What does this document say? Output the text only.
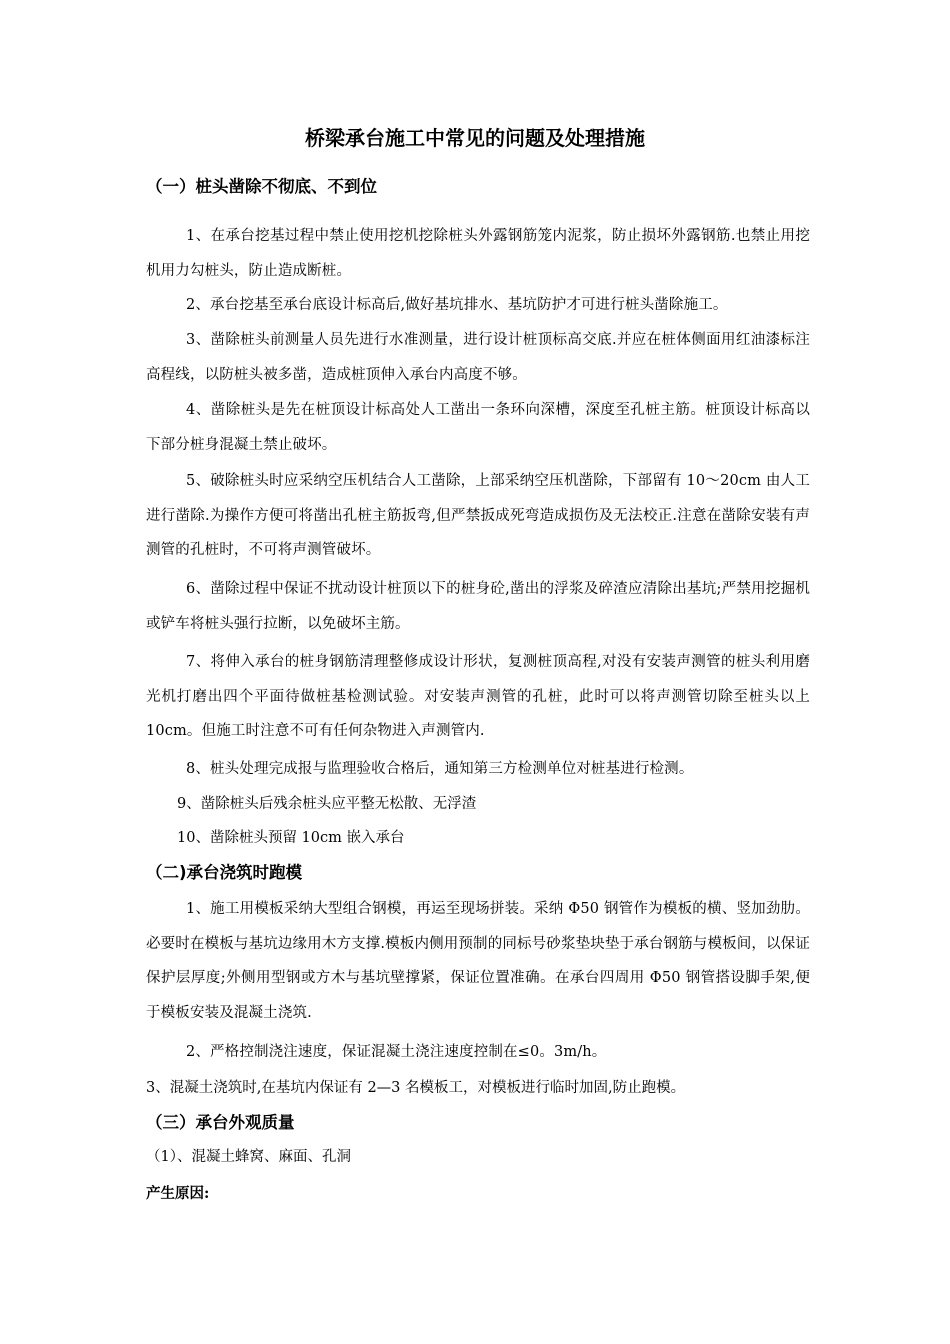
桥梁承台施工中常见的问题及处理措施
（一）桩头凿除不彻底、不到位

1、在承台挖基过程中禁止使用挖机挖除桩头外露钢筋笼内泥浆，防止损坏外露钢筋.也禁止用挖机用力勾桩头，防止造成断桩。

2、承台挖基至承台底设计标高后,做好基坑排水、基坑防护才可进行桩头凿除施工。

3、凿除桩头前测量人员先进行水准测量，进行设计桩顶标高交底.并应在桩体侧面用红油漆标注高程线，以防桩头被多凿，造成桩顶伸入承台内高度不够。

4、凿除桩头是先在桩顶设计标高处人工凿出一条环向深槽，深度至孔桩主筋。桩顶设计标高以下部分桩身混凝土禁止破坏。

5、破除桩头时应采纳空压机结合人工凿除，上部采纳空压机凿除，下部留有 10～20cm 由人工进行凿除.为操作方便可将凿出孔桩主筋扳弯,但严禁扳成死弯造成损伤及无法校正.注意在凿除安装有声测管的孔桩时，不可将声测管破坏。

6、凿除过程中保证不扰动设计桩顶以下的桩身砼,凿出的浮浆及碎渣应清除出基坑;严禁用挖掘机或铲车将桩头强行拉断，以免破坏主筋。

7、将伸入承台的桩身钢筋清理整修成设计形状，复测桩顶高程,对没有安装声测管的桩头利用磨光机打磨出四个平面待做桩基检测试验。对安装声测管的孔桩，此时可以将声测管切除至桩头以上 10cm。但施工时注意不可有任何杂物进入声测管内.

8、桩头处理完成报与监理验收合格后，通知第三方检测单位对桩基进行检测。

9、凿除桩头后残余桩头应平整无松散、无浮渣

10、凿除桩头预留 10cm 嵌入承台

（二)承台浇筑时跑模

1、施工用模板采纳大型组合钢模，再运至现场拼装。采纳 Φ50 钢管作为模板的横、竖加劲肋。必要时在模板与基坑边缘用木方支撑.模板内侧用预制的同标号砂浆垫块垫于承台钢筋与模板间，以保证保护层厚度;外侧用型钢或方木与基坑壁撑紧，保证位置准确。在承台四周用 Φ50 钢管搭设脚手架,便于模板安装及混凝土浇筑.

2、严格控制浇注速度，保证混凝土浇注速度控制在≤0。3m/h。

3、混凝土浇筑时,在基坑内保证有 2—3 名模板工，对模板进行临时加固,防止跑模。

（三）承台外观质量

（1）、混凝土蜂窝、麻面、孔洞

产生原因:
